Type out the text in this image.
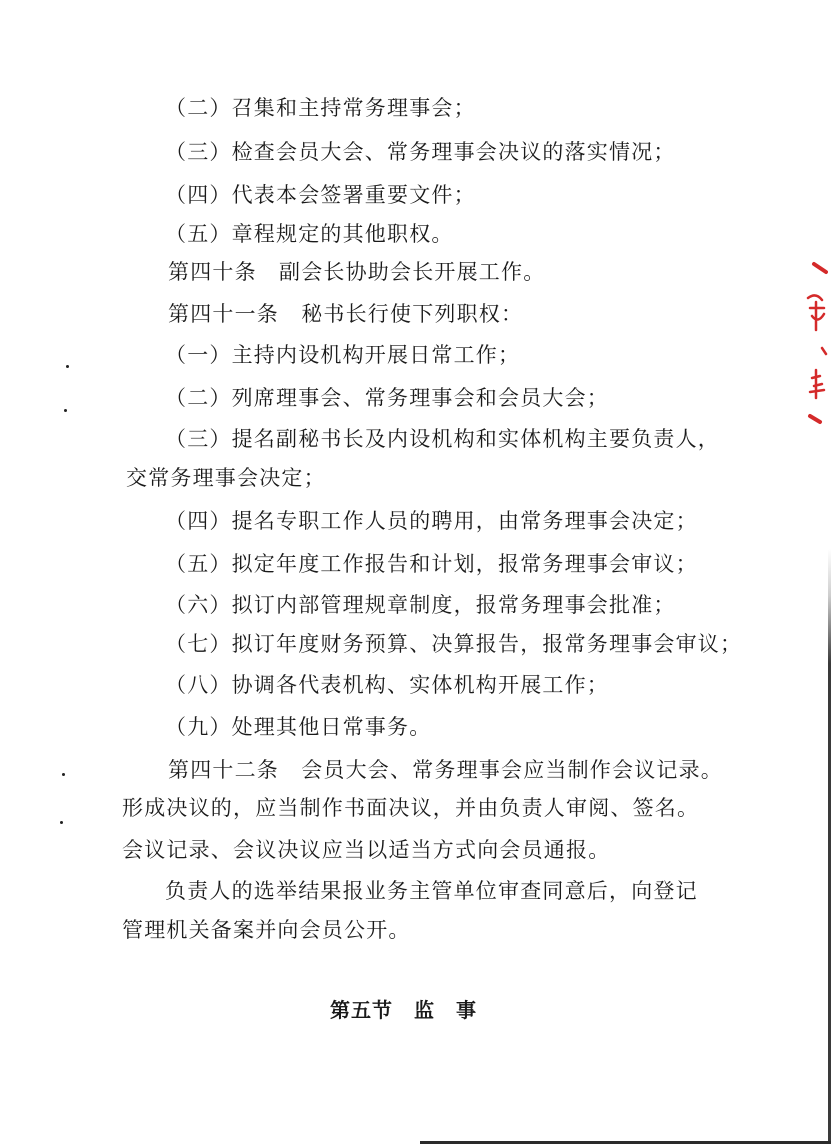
（二）召集和主持常务理事会；
（三）检查会员大会、常务理事会决议的落实情况；
（四）代表本会签署重要文件；
（五）章程规定的其他职权。
第四十条　副会长协助会长开展工作。
第四十一条　秘书长行使下列职权：
（一）主持内设机构开展日常工作；
（二）列席理事会、常务理事会和会员大会；
（三）提名副秘书长及内设机构和实体机构主要负责人，
交常务理事会决定；
（四）提名专职工作人员的聘用，由常务理事会决定；
（五）拟定年度工作报告和计划，报常务理事会审议；
（六）拟订内部管理规章制度，报常务理事会批准；
（七）拟订年度财务预算、决算报告，报常务理事会审议；
（八）协调各代表机构、实体机构开展工作；
（九）处理其他日常事务。
第四十二条　会员大会、常务理事会应当制作会议记录。
形成决议的，应当制作书面决议，并由负责人审阅、签名。
会议记录、会议决议应当以适当方式向会员通报。
负责人的选举结果报业务主管单位审查同意后，向登记
管理机关备案并向会员公开。
第五节　监　事
